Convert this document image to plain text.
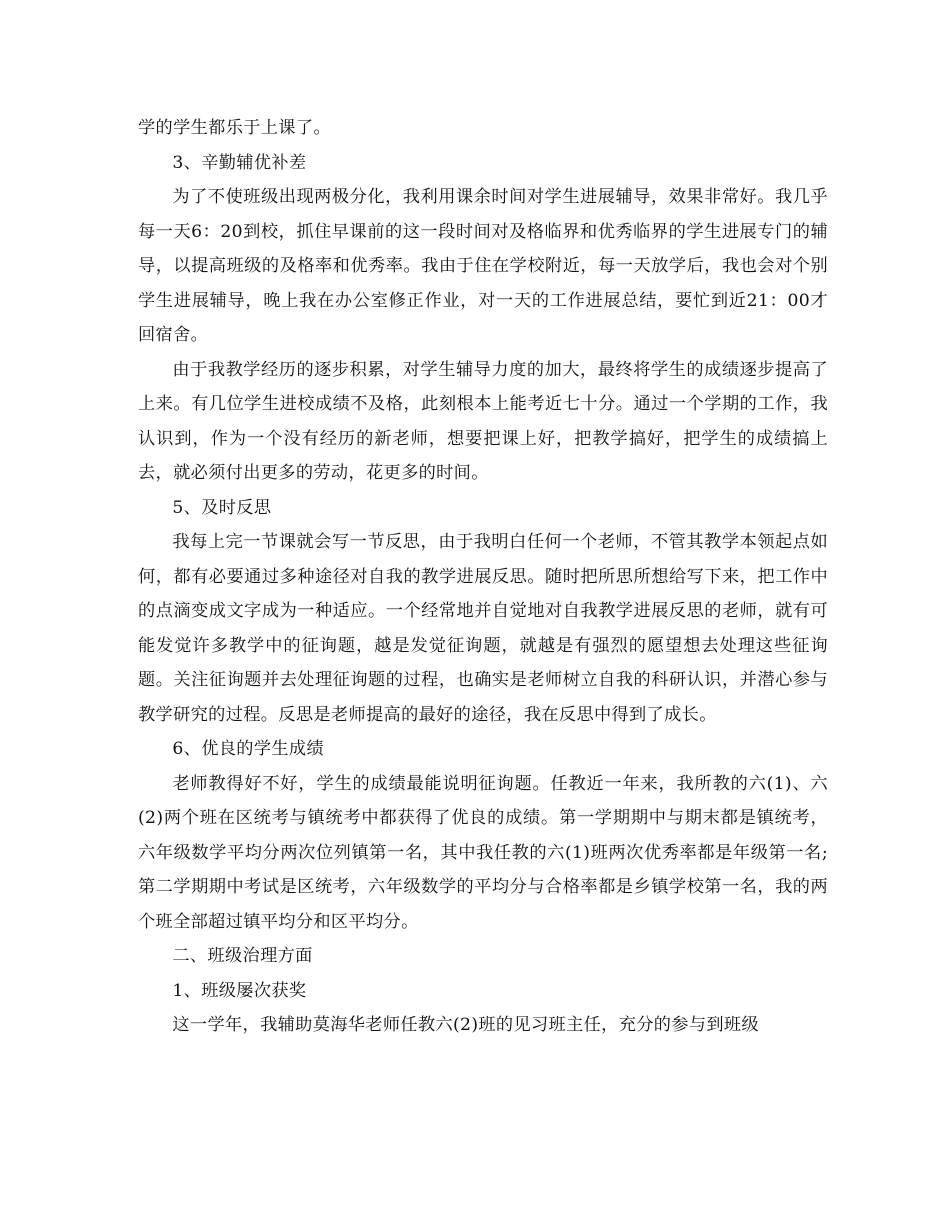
学的学生都乐于上课了。

3、辛勤辅优补差

为了不使班级出现两极分化，我利用课余时间对学生进展辅导，效果非常好。我几乎每一天6：20到校，抓住早课前的这一段时间对及格临界和优秀临界的学生进展专门的辅导，以提高班级的及格率和优秀率。我由于住在学校附近，每一天放学后，我也会对个别学生进展辅导，晚上我在办公室修正作业，对一天的工作进展总结，要忙到近21：00才回宿舍。

由于我教学经历的逐步积累，对学生辅导力度的加大，最终将学生的成绩逐步提高了上来。有几位学生进校成绩不及格，此刻根本上能考近七十分。通过一个学期的工作，我认识到，作为一个没有经历的新老师，想要把课上好，把教学搞好，把学生的成绩搞上去，就必须付出更多的劳动，花更多的时间。

5、及时反思

我每上完一节课就会写一节反思，由于我明白任何一个老师，不管其教学本领起点如何，都有必要通过多种途径对自我的教学进展反思。随时把所思所想给写下来，把工作中的点滴变成文字成为一种适应。一个经常地并自觉地对自我教学进展反思的老师，就有可能发觉许多教学中的征询题，越是发觉征询题，就越是有强烈的愿望想去处理这些征询题。关注征询题并去处理征询题的过程，也确实是老师树立自我的科研认识，并潜心参与教学研究的过程。反思是老师提高的最好的途径，我在反思中得到了成长。

6、优良的学生成绩

老师教得好不好，学生的成绩最能说明征询题。任教近一年来，我所教的六(1)、六(2)两个班在区统考与镇统考中都获得了优良的成绩。第一学期期中与期末都是镇统考，六年级数学平均分两次位列镇第一名，其中我任教的六(1)班两次优秀率都是年级第一名;第二学期期中考试是区统考，六年级数学的平均分与合格率都是乡镇学校第一名，我的两个班全部超过镇平均分和区平均分。

二、班级治理方面

1、班级屡次获奖

这一学年，我辅助莫海华老师任教六(2)班的见习班主任，充分的参与到班级
